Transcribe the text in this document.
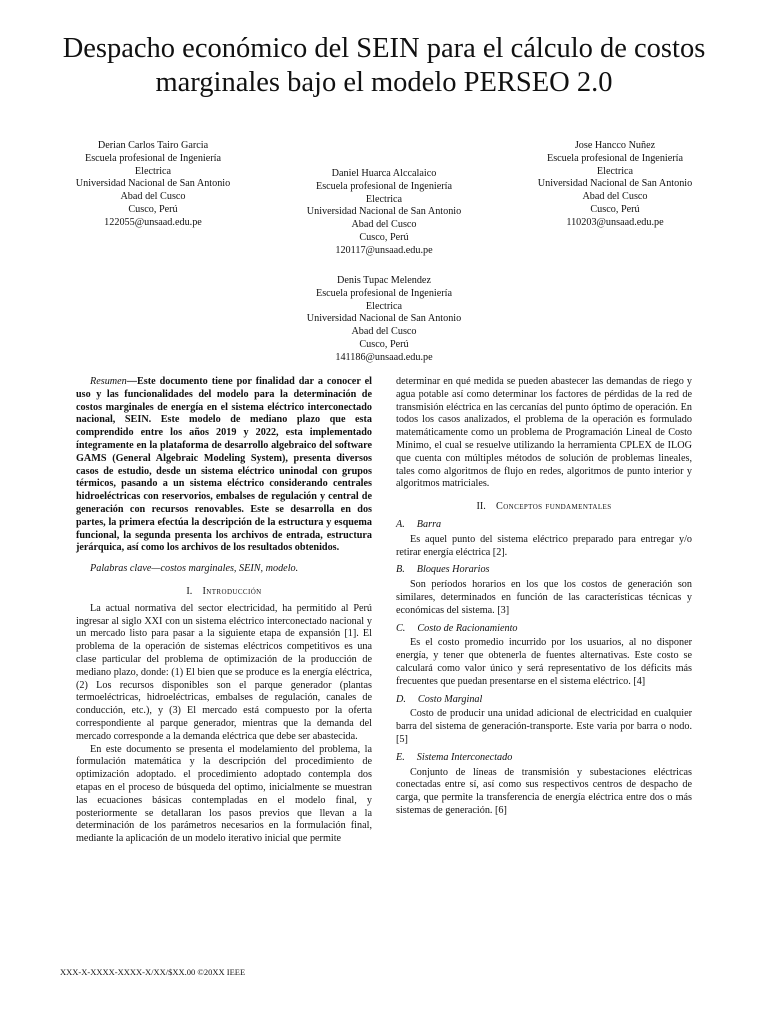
Despacho económico del SEIN para el cálculo de costos marginales bajo el modelo PERSEO 2.0
Derian Carlos Tairo Garcia
Escuela profesional de Ingeniería
Electrica
Universidad Nacional de San Antonio
Abad del Cusco
Cusco, Perú
122055@unsaad.edu.pe
Daniel Huarca Alccalaico
Escuela profesional de Ingeniería
Electrica
Universidad Nacional de San Antonio
Abad del Cusco
Cusco, Perú
120117@unsaad.edu.pe
Jose Hancco Nuñez
Escuela profesional de Ingeniería
Electrica
Universidad Nacional de San Antonio
Abad del Cusco
Cusco, Perú
110203@unsaad.edu.pe
Denis Tupac Melendez
Escuela profesional de Ingeniería
Electrica
Universidad Nacional de San Antonio
Abad del Cusco
Cusco, Perú
141186@unsaad.edu.pe

Resumen—Este documento tiene por finalidad dar a conocer el uso y las funcionalidades del modelo para la determinación de costos marginales de energía en el sistema eléctrico interconectado nacional, SEIN. Este modelo de mediano plazo que esta comprendido entre los años 2019 y 2022, esta implementado íntegramente en la plataforma de desarrollo algebraico del software GAMS (General Algebraic Modeling System), presenta diversos casos de estudio, desde un sistema eléctrico uninodal con grupos térmicos, pasando a un sistema eléctrico considerando centrales hidroeléctricas con reservorios, embalses de regulación y central de generación con recursos renovables. Este se desarrolla en dos partes, la primera efectúa la descripción de la estructura y esquema funcional, la segunda presenta los archivos de entrada, estructura jerárquica, así como los archivos de los resultados obtenidos.

Palabras clave—costos marginales, SEIN, modelo.

I. Introducción

La actual normativa del sector electricidad, ha permitido al Perú ingresar al siglo XXI con un sistema eléctrico interconectado nacional y un mercado listo para pasar a la siguiente etapa de expansión [1]. El problema de la operación de sistemas eléctricos competitivos es una clase particular del problema de optimización de la producción de mediano plazo, donde: (1) El bien que se produce es la energía eléctrica, (2) Los recursos disponibles son el parque generador (plantas termoeléctricas, hidroeléctricas, embalses de regulación, canales de conducción, etc.), y (3) El mercado está compuesto por la oferta correspondiente al parque generador, mientras que la demanda del mercado corresponde a la demanda eléctrica que debe ser abastecida.

En este documento se presenta el modelamiento del problema, la formulación matemática y la descripción del procedimiento de optimización adoptado. el procedimiento adoptado contempla dos etapas en el proceso de búsqueda del optimo, inicialmente se muestran las ecuaciones básicas contempladas en el modelo final, y posteriormente se detallaran los pasos previos que llevan a la determinación de los parámetros necesarios en la formulación final, mediante la aplicación de un modelo iterativo inicial que permite

determinar en qué medida se pueden abastecer las demandas de riego y agua potable así como determinar los factores de pérdidas de la red de transmisión eléctrica en las cercanías del punto óptimo de operación. En todos los casos analizados, el problema de la operación es formulado matemáticamente como un problema de Programación Lineal de Costo Mínimo, el cual se resuelve utilizando la herramienta CPLEX de ILOG que cuenta con múltiples métodos de solución de problemas lineales, tales como algoritmos de flujo en redes, algoritmos de punto interior y algoritmos matriciales.

II. Conceptos fundamentales
A. Barra

Es aquel punto del sistema eléctrico preparado para entregar y/o retirar energía eléctrica [2].

B. Bloques Horarios

Son períodos horarios en los que los costos de generación son similares, determinados en función de las características técnicas y económicas del sistema. [3]

C. Costo de Racionamiento

Es el costo promedio incurrido por los usuarios, al no disponer energía, y tener que obtenerla de fuentes alternativas. Este costo se calculará como valor único y será representativo de los déficits más frecuentes que puedan presentarse en el sistema eléctrico. [4]

D. Costo Marginal

Costo de producir una unidad adicional de electricidad en cualquier barra del sistema de generación-transporte. Este varia por barra o nodo. [5]

E. Sistema Interconectado

Conjunto de líneas de transmisión y subestaciones eléctricas conectadas entre sí, así como sus respectivos centros de despacho de carga, que permite la transferencia de energía eléctrica entre dos o más sistemas de generación. [6]

XXX-X-XXXX-XXXX-X/XX/$XX.00 ©20XX IEEE
